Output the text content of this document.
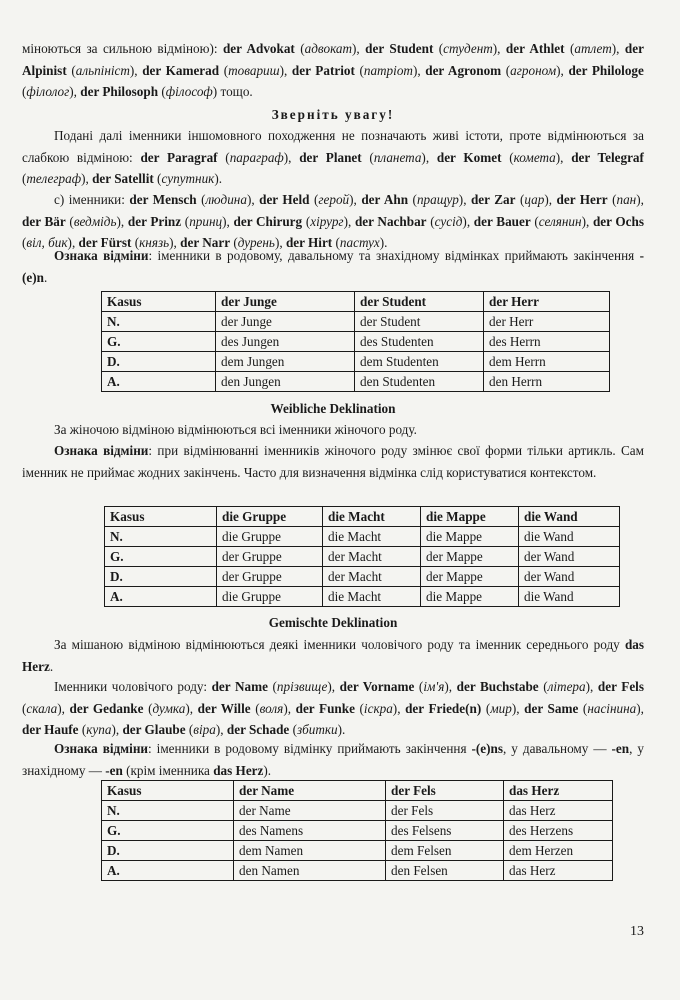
міноються за сильною відміною): der Advokat (адвокат), der Student (студент), der Athlet (атлет), der Alpinist (альпініст), der Kamerad (товариш), der Patriot (патріот), der Agronom (агроном), der Philologe (філолог), der Philosoph (філософ) тощо.
Зверніть увагу!
Подані далі іменники іншомовного походження не позначають живі істоти, проте відмінюються за слабкою відміною: der Paragraf (параграф), der Planet (планета), der Komet (комета), der Telegraf (телеграф), der Satellit (супутник).
с) іменники: der Mensch (людина), der Held (герой), der Ahn (пращур), der Zar (цар), der Herr (пан), der Bär (ведмідь), der Prinz (принц), der Chirurg (хірург), der Nachbar (сусід), der Bauer (селянин), der Ochs (віл, бик), der Fürst (князь), der Narr (дурень), der Hirt (пастух).
Ознака відміни: іменники в родовому, давальному та знахідному відмінках приймають закінчення -(e)n.
Kasus	der Junge	der Student	der Herr
N.	der Junge	der Student	der Herr
G.	des Jungen	des Studenten	des Herrn
D.	dem Jungen	dem Studenten	dem Herrn
A.	den Jungen	den Studenten	den Herrn
Weibliche Deklination
За жіночою відміною відмінюються всі іменники жіночого роду.
Ознака відміни: при відмінюванні іменників жіночого роду змінює свої форми тільки артикль. Сам іменник не приймає жодних закінчень. Часто для визначення відмінка слід користуватися контекстом.
Kasus	die Gruppe	die Macht	die Mappe	die Wand
N.	die Gruppe	die Macht	die Mappe	die Wand
G.	der Gruppe	der Macht	der Mappe	der Wand
D.	der Gruppe	der Macht	der Mappe	der Wand
A.	die Gruppe	die Macht	die Mappe	die Wand
Gemischte Deklination
За мішаною відміною відмінюються деякі іменники чоловічого роду та іменник середнього роду das Herz.
Іменники чоловічого роду: der Name (прізвище), der Vorname (ім'я), der Buchstabe (літера), der Fels (скала), der Gedanke (думка), der Wille (воля), der Funke (іскра), der Friede(n) (мир), der Same (насінина), der Haufe (купа), der Glaube (віра), der Schade (збитки).
Ознака відміни: іменники в родовому відмінку приймають закінчення -(e)ns, у давальному — -en, у знахідному — -en (крім іменника das Herz).
Kasus	der Name	der Fels	das Herz
N.	der Name	der Fels	das Herz
G.	des Namens	des Felsens	des Herzens
D.	dem Namen	dem Felsen	dem Herzen
A.	den Namen	den Felsen	das Herz
13
